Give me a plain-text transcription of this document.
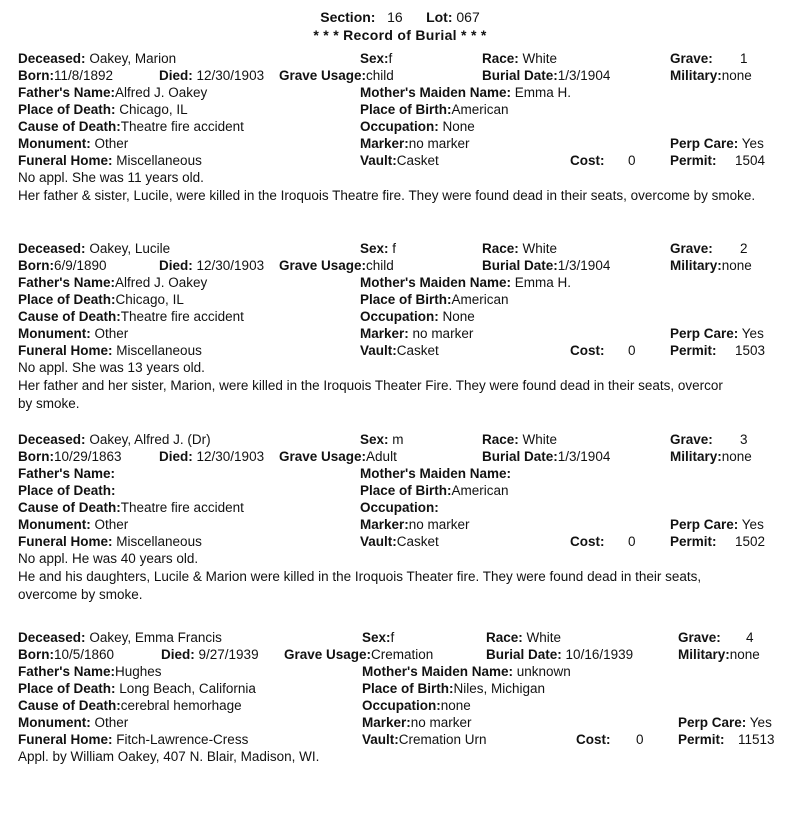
Section: 16 Lot: 067
* * * Record of Burial * * *
Deceased: Oakey, Marion	Sex:f	Race: White	Grave: 1
Born:11/8/1892	Died: 12/30/1903 Grave Usage:child	Burial Date:1/3/1904	Military:none
Father's Name:Alfred J. Oakey	Mother's Maiden Name: Emma H.
Place of Death: Chicago, IL	Place of Birth:American
Cause of Death:Theatre fire accident	Occupation: None
Monument: Other	Marker:no marker	Perp Care: Yes
Funeral Home: Miscellaneous	Vault:Casket	Cost: 0	Permit: 1504
No appl. She was 11 years old.
Her father & sister, Lucile, were killed in the Iroquois Theatre fire. They were found dead in their seats, overcome by smoke.
Deceased: Oakey, Lucile	Sex: f	Race: White	Grave: 2
Born:6/9/1890	Died: 12/30/1903 Grave Usage:child	Burial Date:1/3/1904	Military:none
Father's Name:Alfred J. Oakey	Mother's Maiden Name: Emma H.
Place of Death:Chicago, IL	Place of Birth:American
Cause of Death:Theatre fire accident	Occupation: None
Monument: Other	Marker: no marker	Perp Care: Yes
Funeral Home: Miscellaneous	Vault:Casket	Cost: 0	Permit: 1503
No appl. She was 13 years old.
Her father and her sister, Marion, were killed in the Iroquois Theater Fire. They were found dead in their seats, overcor
by smoke.
Deceased: Oakey, Alfred J. (Dr)	Sex: m	Race: White	Grave: 3
Born:10/29/1863	Died: 12/30/1903 Grave Usage:Adult	Burial Date:1/3/1904	Military:none
Father's Name:	Mother's Maiden Name:
Place of Death:	Place of Birth:American
Cause of Death:Theatre fire accident	Occupation:
Monument: Other	Marker:no marker	Perp Care: Yes
Funeral Home: Miscellaneous	Vault:Casket	Cost: 0	Permit: 1502
No appl. He was 40 years old.
He and his daughters, Lucile & Marion were killed in the Iroquois Theater fire. They were found dead in their seats,
overcome by smoke.
Deceased: Oakey, Emma Francis	Sex:f	Race: White	Grave: 4
Born:10/5/1860	Died: 9/27/1939 Grave Usage:Cremation	Burial Date: 10/16/1939	Military:none
Father's Name:Hughes	Mother's Maiden Name: unknown
Place of Death: Long Beach, California	Place of Birth:Niles, Michigan
Cause of Death:cerebral hemorhage	Occupation:none
Monument: Other	Marker:no marker	Perp Care: Yes
Funeral Home: Fitch-Lawrence-Cress	Vault:Cremation Urn	Cost: 0	Permit: 11513
Appl. by William Oakey, 407 N. Blair, Madison, WI.
